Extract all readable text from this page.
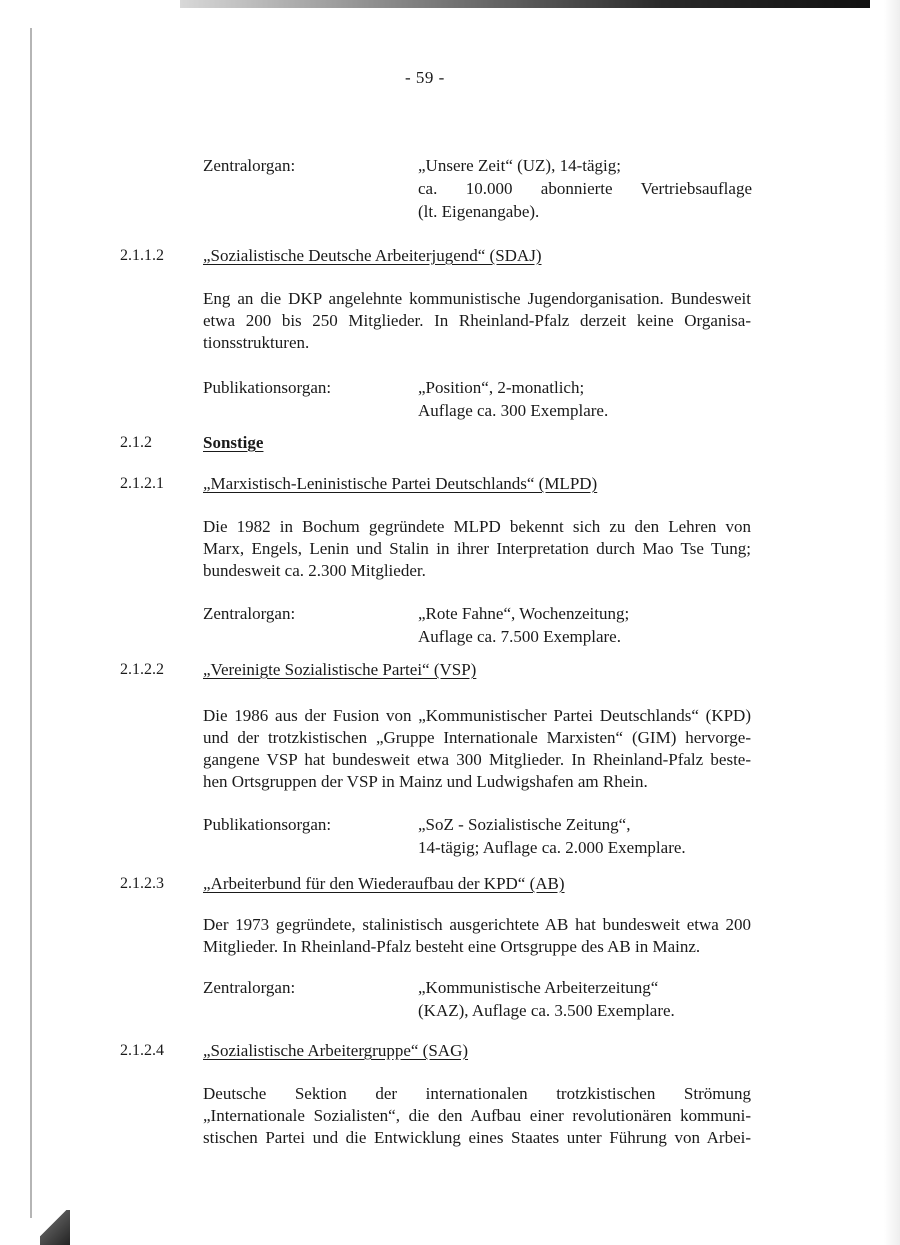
- 59 -
Zentralorgan:	„Unsere Zeit“ (UZ), 14-tägig;
ca. 10.000 abonnierte Vertriebsauflage
(lt. Eigenangabe).
2.1.1.2 „Sozialistische Deutsche Arbeiterjugend“ (SDAJ)
Eng an die DKP angelehnte kommunistische Jugendorganisation. Bundesweit
etwa 200 bis 250 Mitglieder. In Rheinland-Pfalz derzeit keine Organisa-
tionsstrukturen.
Publikationsorgan:	„Position“, 2-monatlich;
Auflage ca. 300 Exemplare.
2.1.2	Sonstige
2.1.2.1 „Marxistisch-Leninistische Partei Deutschlands“ (MLPD)
Die 1982 in Bochum gegründete MLPD bekennt sich zu den Lehren von
Marx, Engels, Lenin und Stalin in ihrer Interpretation durch Mao Tse Tung;
bundesweit ca. 2.300 Mitglieder.
Zentralorgan:	„Rote Fahne“, Wochenzeitung;
Auflage ca. 7.500 Exemplare.
2.1.2.2 „Vereinigte Sozialistische Partei“ (VSP)
Die 1986 aus der Fusion von „Kommunistischer Partei Deutschlands“ (KPD)
und der trotzkistischen „Gruppe Internationale Marxisten“ (GIM) hervorge-
gangene VSP hat bundesweit etwa 300 Mitglieder. In Rheinland-Pfalz beste-
hen Ortsgruppen der VSP in Mainz und Ludwigshafen am Rhein.
Publikationsorgan:	„SoZ - Sozialistische Zeitung“,
14-tägig; Auflage ca. 2.000 Exemplare.
2.1.2.3 „Arbeiterbund für den Wiederaufbau der KPD“ (AB)
Der 1973 gegründete, stalinistisch ausgerichtete AB hat bundesweit etwa 200
Mitglieder. In Rheinland-Pfalz besteht eine Ortsgruppe des AB in Mainz.
Zentralorgan:	„Kommunistische Arbeiterzeitung“
(KAZ), Auflage ca. 3.500 Exemplare.
2.1.2.4 „Sozialistische Arbeitergruppe“ (SAG)
Deutsche Sektion der internationalen trotzkistischen Strömung
„Internationale Sozialisten“, die den Aufbau einer revolutionären kommuni-
stischen Partei und die Entwicklung eines Staates unter Führung von Arbei-
